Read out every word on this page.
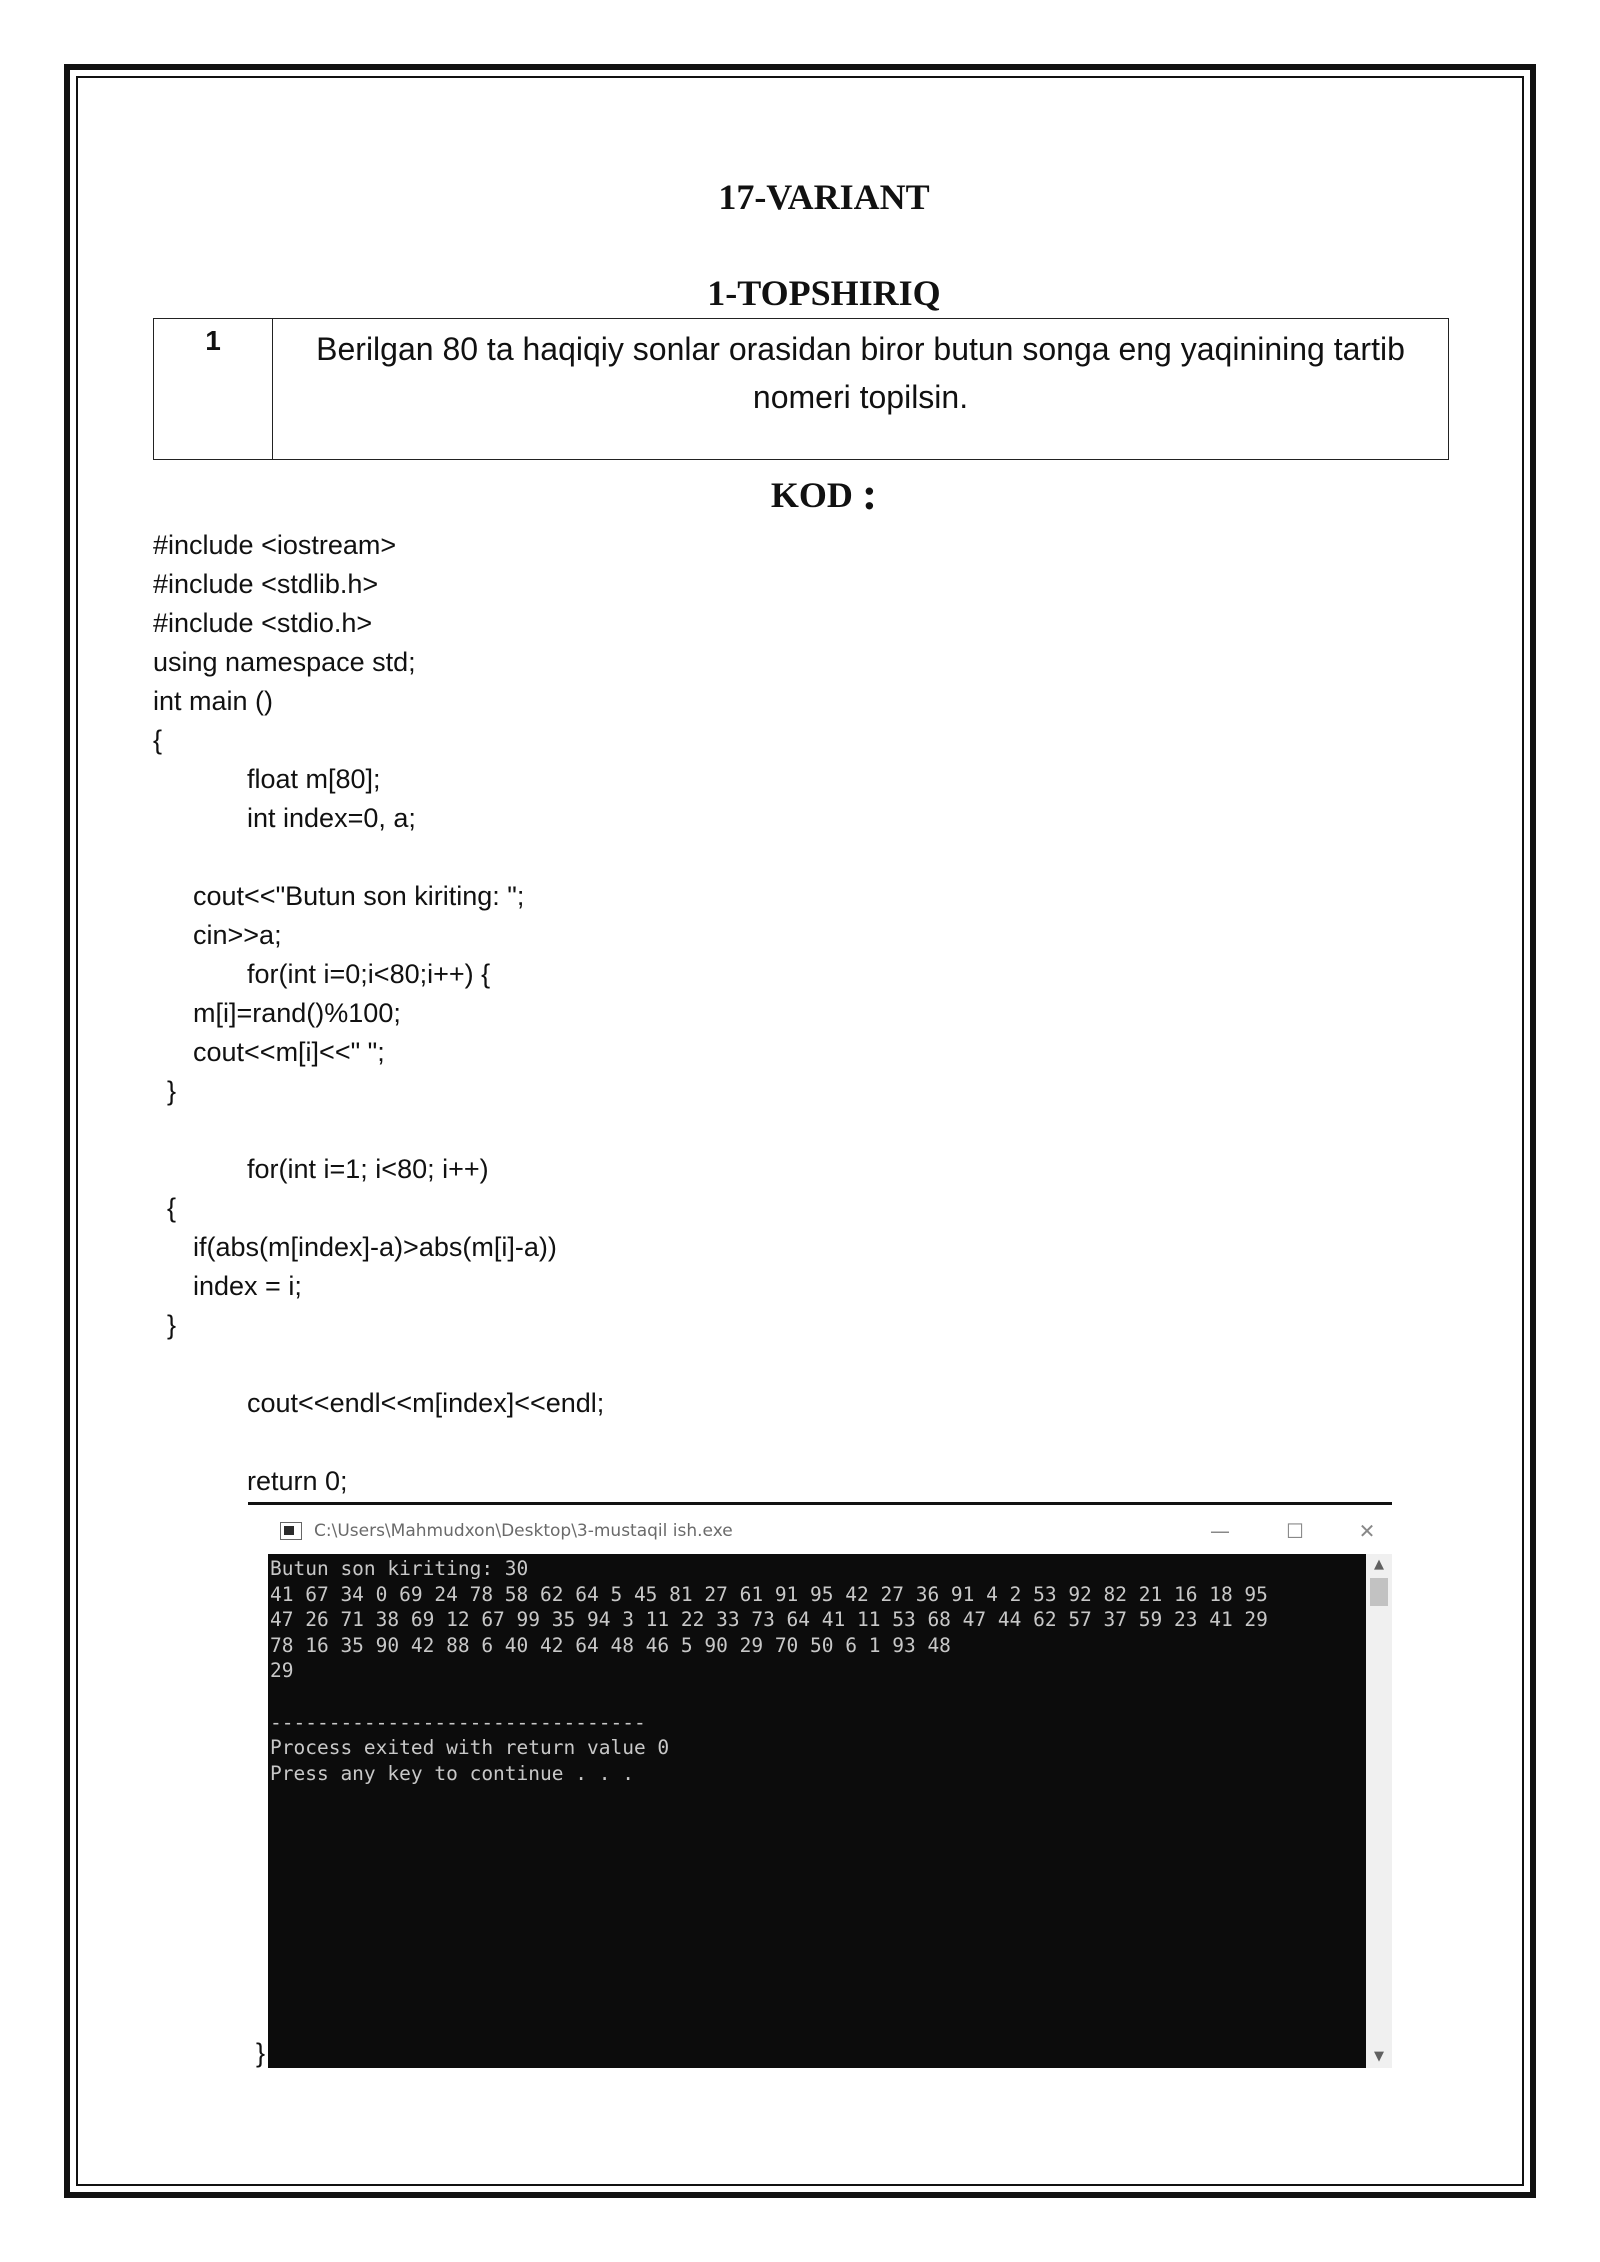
17-VARIANT
1-TOPSHIRIQ
1	Berilgan 80 ta haqiqiy sonlar orasidan biror butun songa eng yaqinining tartib nomeri topilsin.
KOD :
#include <iostream>
#include <stdlib.h>
#include <stdio.h>
using namespace std;
int main ()
{
float m[80];
int index=0, a;
cout<<"Butun son kiriting: ";
cin>>a;
for(int i=0;i<80;i++) {
m[i]=rand()%100;
cout<<m[i]<<" ";
}
for(int i=1; i<80; i++)
{
if(abs(m[index]-a)>abs(m[i]-a))
index = i;
}
cout<<endl<<m[index]<<endl;
return 0;
C:\Users\Mahmudxon\Desktop\3-mustaqil ish.exe	—	☐	✕
Butun son kiriting: 30
41 67 34 0 69 24 78 58 62 64 5 45 81 27 61 91 95 42 27 36 91 4 2 53 92 82 21 16 18 95
47 26 71 38 69 12 67 99 35 94 3 11 22 33 73 64 41 11 53 68 47 44 62 57 37 59 23 41 29
78 16 35 90 42 88 6 40 42 64 48 46 5 90 29 70 50 6 1 93 48
29
--------------------------------
Process exited with return value 0
Press any key to continue . . .
▲
▼
}
